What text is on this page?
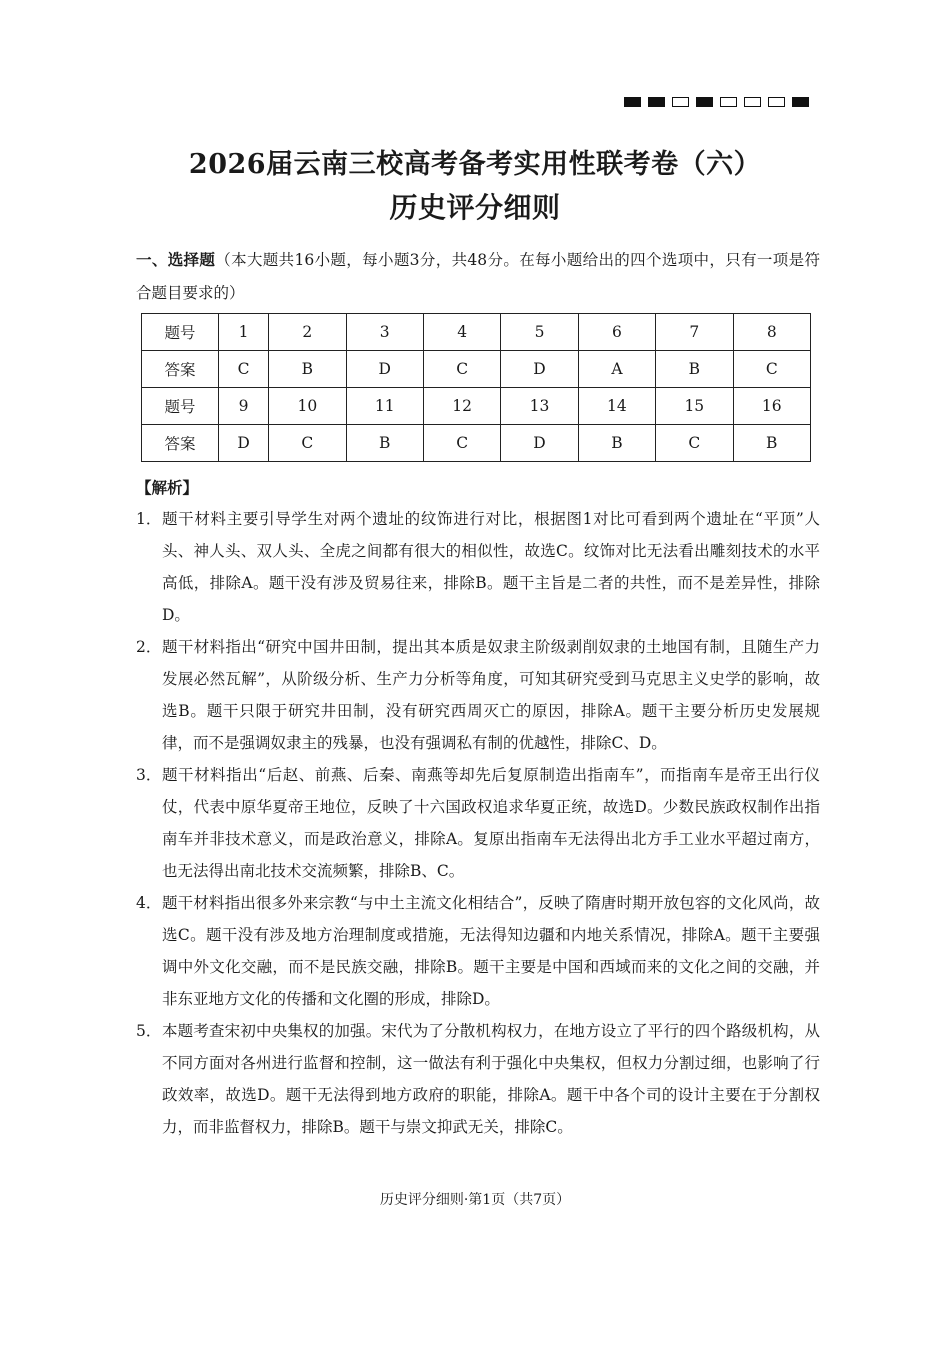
2026届云南三校高考备考实用性联考卷（六）
历史评分细则
一、选择题（本大题共16小题，每小题3分，共48分。在每小题给出的四个选项中，只有一项是符合题目要求的）
题号	1	2	3	4	5	6	7	8
答案	C	B	D	C	D	A	B	C
题号	9	10	11	12	13	14	15	16
答案	D	C	B	C	D	B	C	B
【解析】
1． 题干材料主要引导学生对两个遗址的纹饰进行对比，根据图1对比可看到两个遗址在“平顶”人头、神人头、双人头、全虎之间都有很大的相似性，故选C。纹饰对比无法看出雕刻技术的水平高低，排除A。题干没有涉及贸易往来，排除B。题干主旨是二者的共性，而不是差异性，排除D。
2． 题干材料指出“研究中国井田制，提出其本质是奴隶主阶级剥削奴隶的土地国有制，且随生产力发展必然瓦解”，从阶级分析、生产力分析等角度，可知其研究受到马克思主义史学的影响，故选B。题干只限于研究井田制，没有研究西周灭亡的原因，排除A。题干主要分析历史发展规律，而不是强调奴隶主的残暴，也没有强调私有制的优越性，排除C、D。
3． 题干材料指出“后赵、前燕、后秦、南燕等却先后复原制造出指南车”，而指南车是帝王出行仪仗，代表中原华夏帝王地位，反映了十六国政权追求华夏正统，故选D。少数民族政权制作出指南车并非技术意义，而是政治意义，排除A。复原出指南车无法得出北方手工业水平超过南方，也无法得出南北技术交流频繁，排除B、C。
4． 题干材料指出很多外来宗教“与中土主流文化相结合”，反映了隋唐时期开放包容的文化风尚，故选C。题干没有涉及地方治理制度或措施，无法得知边疆和内地关系情况，排除A。题干主要强调中外文化交融，而不是民族交融，排除B。题干主要是中国和西域而来的文化之间的交融，并非东亚地方文化的传播和文化圈的形成，排除D。
5． 本题考查宋初中央集权的加强。宋代为了分散机构权力，在地方设立了平行的四个路级机构，从不同方面对各州进行监督和控制，这一做法有利于强化中央集权，但权力分割过细，也影响了行政效率，故选D。题干无法得到地方政府的职能，排除A。题干中各个司的设计主要在于分割权力，而非监督权力，排除B。题干与崇文抑武无关，排除C。
历史评分细则·第1页（共7页）
